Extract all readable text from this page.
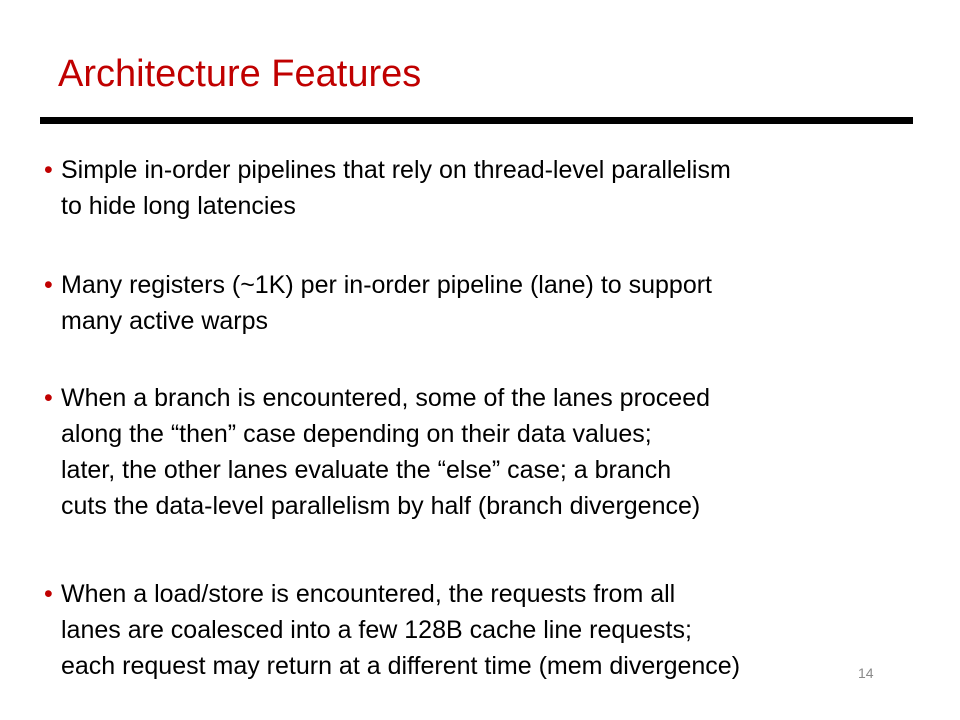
Architecture Features
• Simple in-order pipelines that rely on thread-level parallelism
to hide long latencies
• Many registers (~1K) per in-order pipeline (lane) to support
many active warps
• When a branch is encountered, some of the lanes proceed
along the “then” case depending on their data values;
later, the other lanes evaluate the “else” case; a branch
cuts the data-level parallelism by half (branch divergence)
• When a load/store is encountered, the requests from all
lanes are coalesced into a few 128B cache line requests;
each request may return at a different time (mem divergence)	14
